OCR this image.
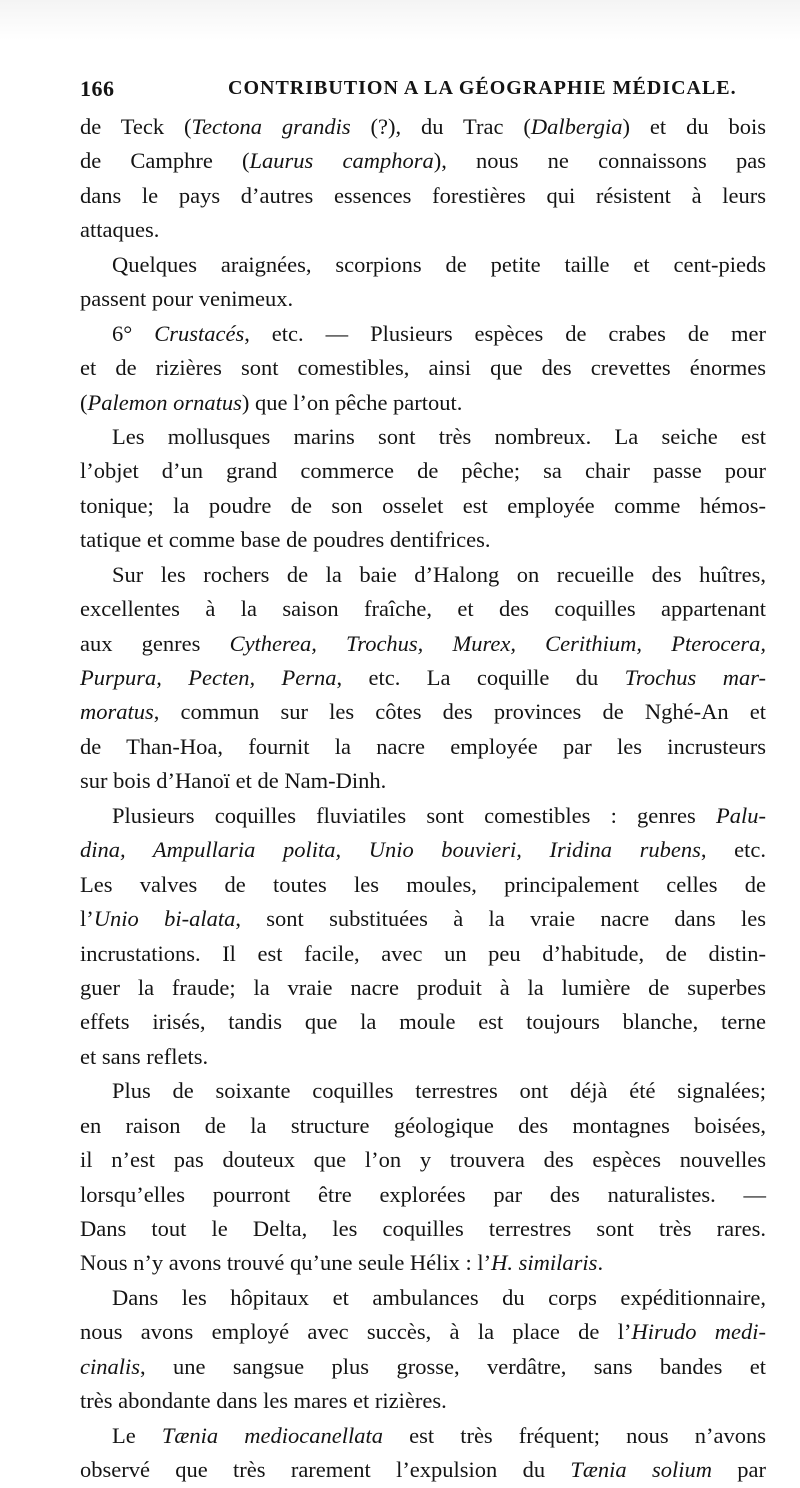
166	CONTRIBUTION A LA GÉOGRAPHIE MÉDICALE.
de Teck (Tectona grandis (?), du Trac (Dalbergia) et du bois
de Camphre (Laurus camphora), nous ne connaissons pas
dans le pays d’autres essences forestières qui résistent à leurs
attaques.
Quelques araignées, scorpions de petite taille et cent-pieds
passent pour venimeux.
6° Crustacés, etc. — Plusieurs espèces de crabes de mer
et de rizières sont comestibles, ainsi que des crevettes énormes
(Palemon ornatus) que l’on pêche partout.
Les mollusques marins sont très nombreux. La seiche est
l’objet d’un grand commerce de pêche; sa chair passe pour
tonique; la poudre de son osselet est employée comme hémos-
tatique et comme base de poudres dentifrices.
Sur les rochers de la baie d’Halong on recueille des huîtres,
excellentes à la saison fraîche, et des coquilles appartenant
aux genres Cytherea, Trochus, Murex, Cerithium, Pterocera,
Purpura, Pecten, Perna, etc. La coquille du Trochus mar-
moratus, commun sur les côtes des provinces de Nghé-An et
de Than-Hoa, fournit la nacre employée par les incrusteurs
sur bois d’Hanoï et de Nam-Dinh.
Plusieurs coquilles fluviatiles sont comestibles : genres Palu-
dina, Ampullaria polita, Unio bouvieri, Iridina rubens, etc.
Les valves de toutes les moules, principalement celles de
l’Unio bi-alata, sont substituées à la vraie nacre dans les
incrustations. Il est facile, avec un peu d’habitude, de distin-
guer la fraude; la vraie nacre produit à la lumière de superbes
effets irisés, tandis que la moule est toujours blanche, terne
et sans reflets.
Plus de soixante coquilles terrestres ont déjà été signalées;
en raison de la structure géologique des montagnes boisées,
il n’est pas douteux que l’on y trouvera des espèces nouvelles
lorsqu’elles pourront être explorées par des naturalistes. —
Dans tout le Delta, les coquilles terrestres sont très rares.
Nous n’y avons trouvé qu’une seule Hélix : l’H. similaris.
Dans les hôpitaux et ambulances du corps expéditionnaire,
nous avons employé avec succès, à la place de l’Hirudo medi-
cinalis, une sangsue plus grosse, verdâtre, sans bandes et
très abondante dans les mares et rizières.
Le Tænia mediocanellata est très fréquent; nous n’avons
observé que très rarement l’expulsion du Tænia solium par
